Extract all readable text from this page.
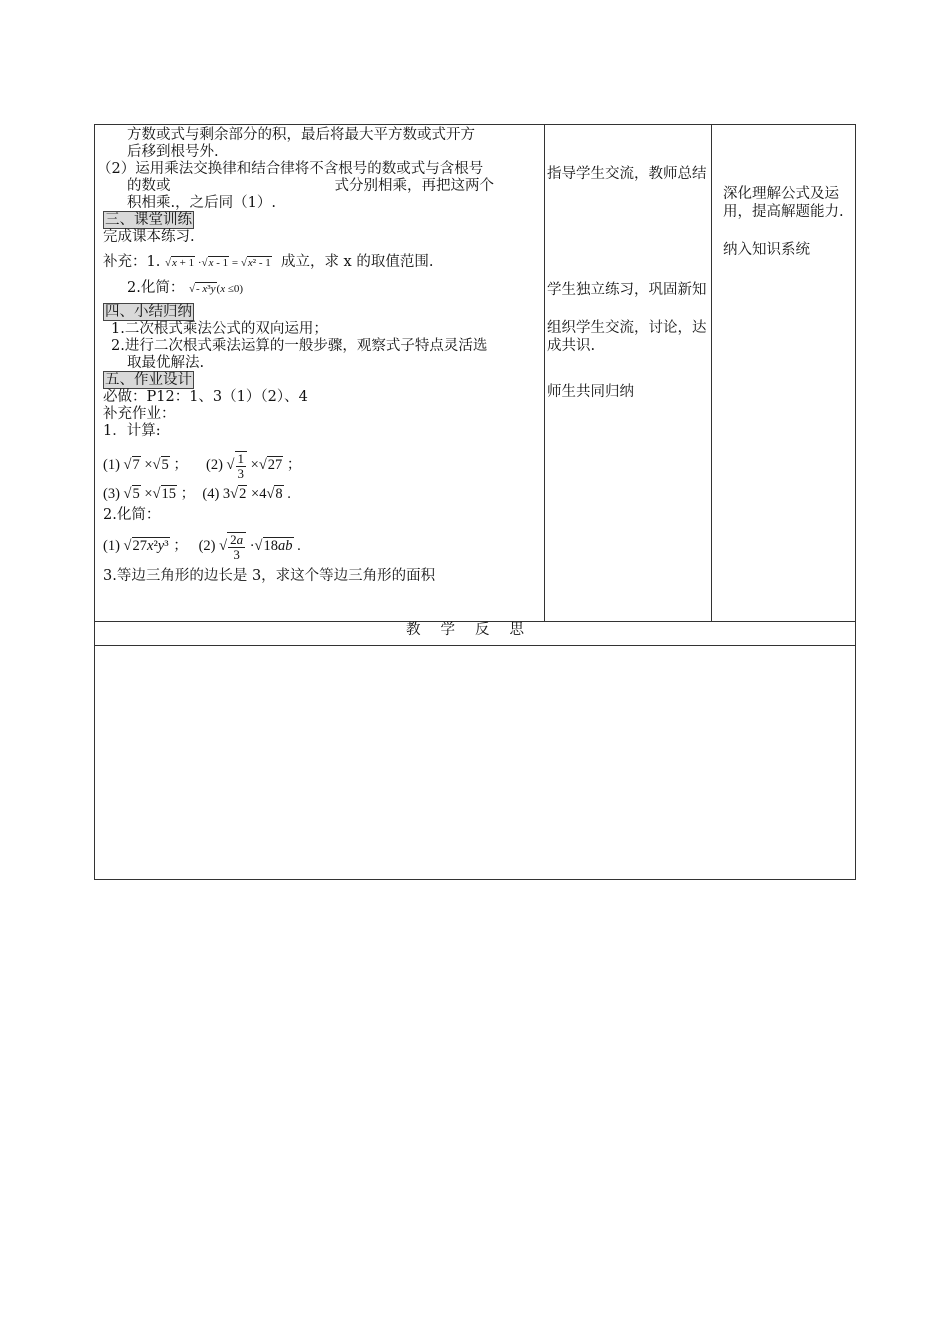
方数或式与剩余部分的积，最后将最大平方数或式开方
后移到根号外.
（2）运用乘法交换律和结合律将不含根号的数或式与含根号
的数或	式分别相乘，再把这两个
积相乘.，之后同（1）.
三、课堂训练
完成课本练习.
补充：1. √x + 1 ·√x - 1 = √x² - 1 成立，求 x 的取值范围.
2.化简： √- x³y(x ≤0)
四、小结归纳
1.二次根式乘法公式的双向运用；
2.进行二次根式乘法运算的一般步骤，观察式子特点灵活选
取最优解法.
五、作业设计
必做：P12：1、3（1）（2）、4
补充作业：
1．计算:
(1) √7 ×√5 ；     (2) √ $\frac{1}{3} \times√27$ ；
(3) √5 ×√15 ；  (4) 3√2 ×4√8 .
2.化简：
(1) √27x²y³ ；   (2) √ $\frac{2a}{3} \cdot√18ab$ .
3.等边三角形的边长是 3，求这个等边三角形的面积

指导学生交流，教师总结

学生独立练习，巩固新知

组织学生交流，讨论，达成共识.

师生共同归纳

深化理解公式及运用，提高解题能力.

纳入知识系统

教学反思
